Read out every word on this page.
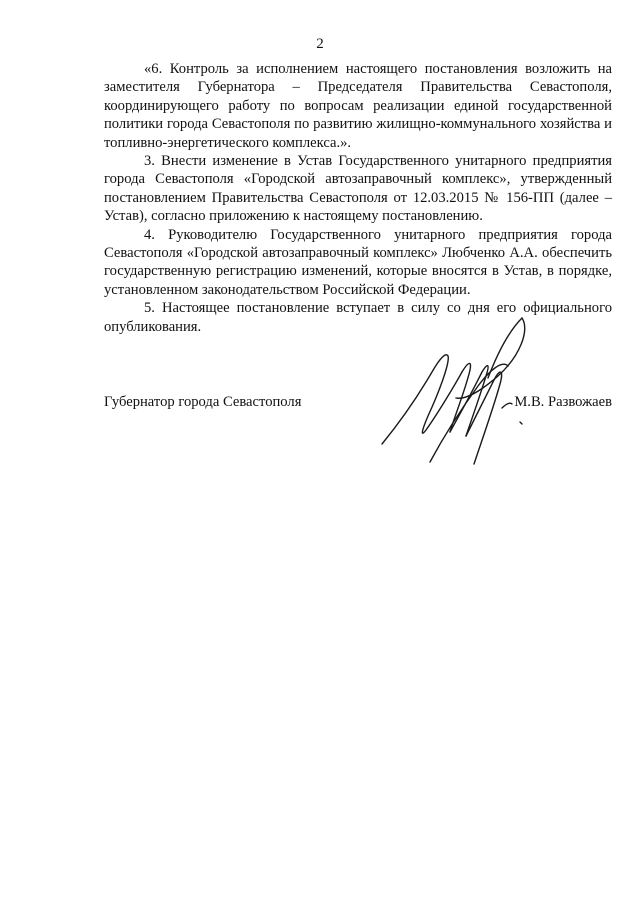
2

«6. Контроль за исполнением настоящего постановления возложить на заместителя Губернатора – Председателя Правительства Севастополя, координирующего работу по вопросам реализации единой государственной политики города Севастополя по развитию жилищно-коммунального хозяйства и топливно-энергетического комплекса.».

3. Внести изменение в Устав Государственного унитарного предприятия города Севастополя «Городской автозаправочный комплекс», утвержденный постановлением Правительства Севастополя от 12.03.2015 № 156-ПП (далее – Устав), согласно приложению к настоящему постановлению.

4. Руководителю Государственного унитарного предприятия города Севастополя «Городской автозаправочный комплекс» Любченко А.А. обеспечить государственную регистрацию изменений, которые вносятся в Устав, в порядке, установленном законодательством Российской Федерации.

5. Настоящее постановление вступает в силу со дня его официального опубликования.

Губернатор города Севастополя	М.В. Развожаев
